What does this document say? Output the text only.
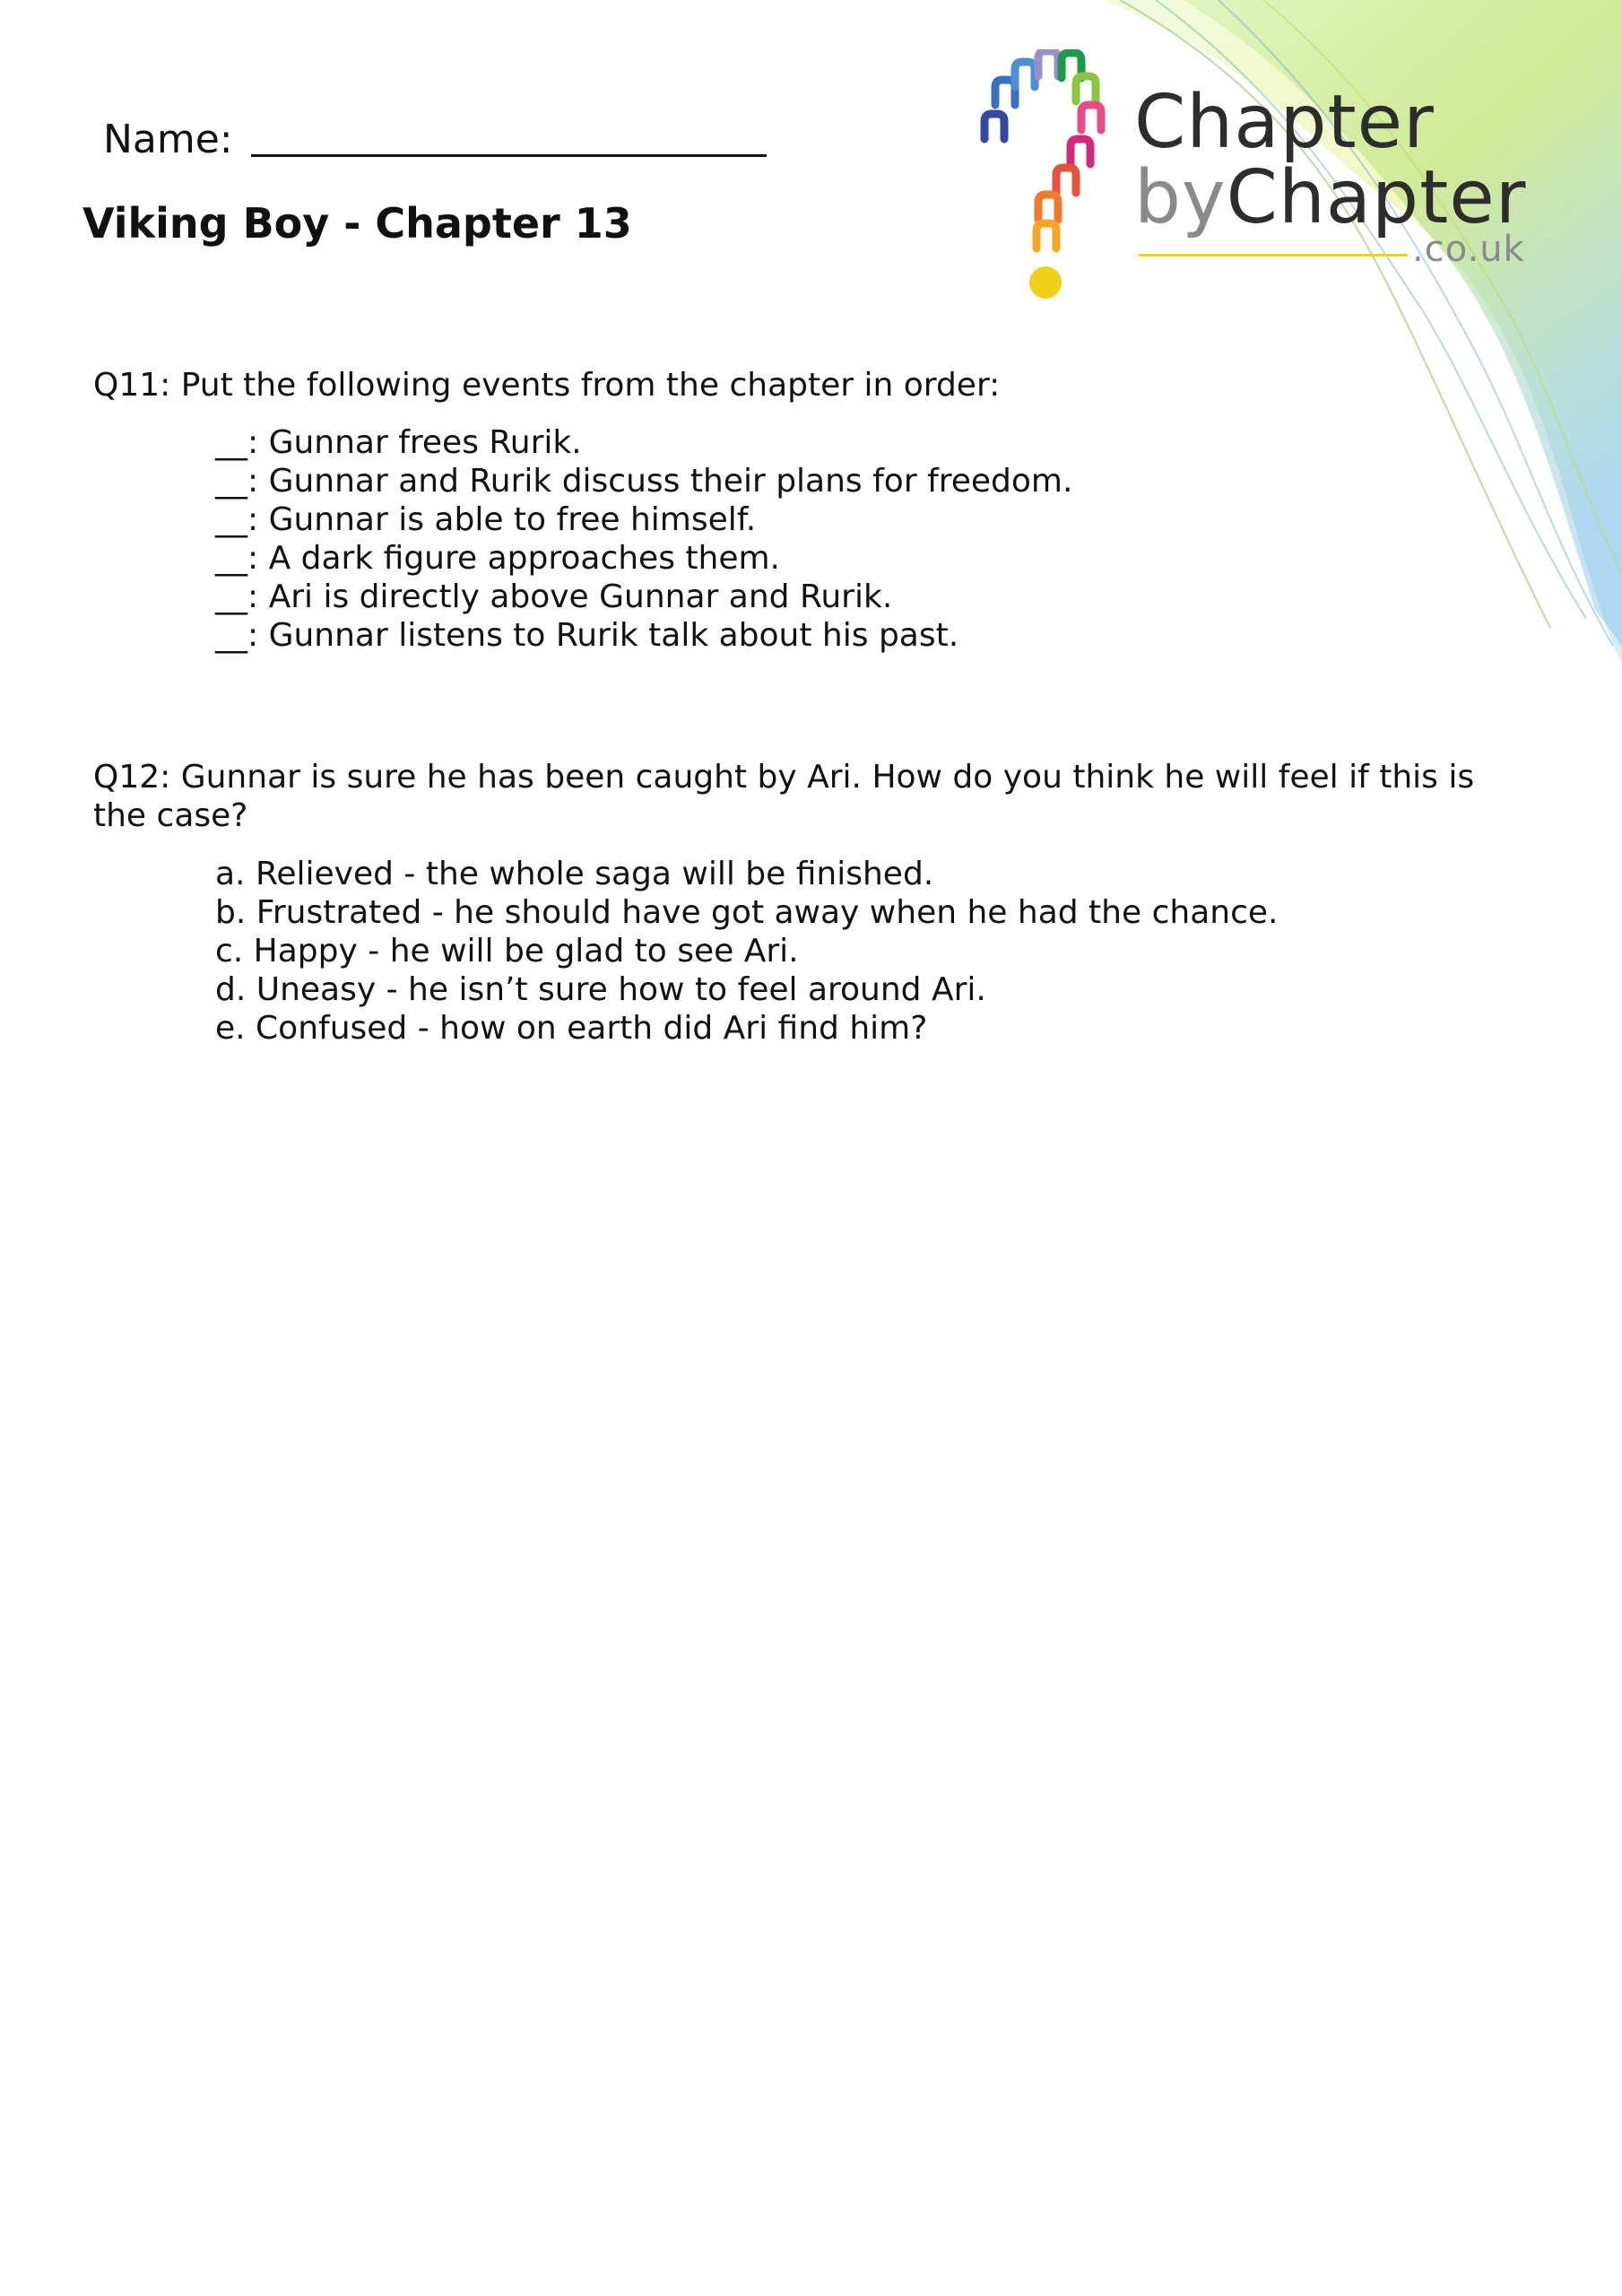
Chapter
byChapter
.co.uk
Name:
Viking Boy - Chapter 13
Q11: Put the following events from the chapter in order:
__: Gunnar frees Rurik.
__: Gunnar and Rurik discuss their plans for freedom.
__: Gunnar is able to free himself.
__: A dark figure approaches them.
__: Ari is directly above Gunnar and Rurik.
__: Gunnar listens to Rurik talk about his past.
Q12: Gunnar is sure he has been caught by Ari. How do you think he will feel if this is the case?
a. Relieved - the whole saga will be finished.
b. Frustrated - he should have got away when he had the chance.
c. Happy - he will be glad to see Ari.
d. Uneasy - he isn’t sure how to feel around Ari.
e. Confused - how on earth did Ari find him?
